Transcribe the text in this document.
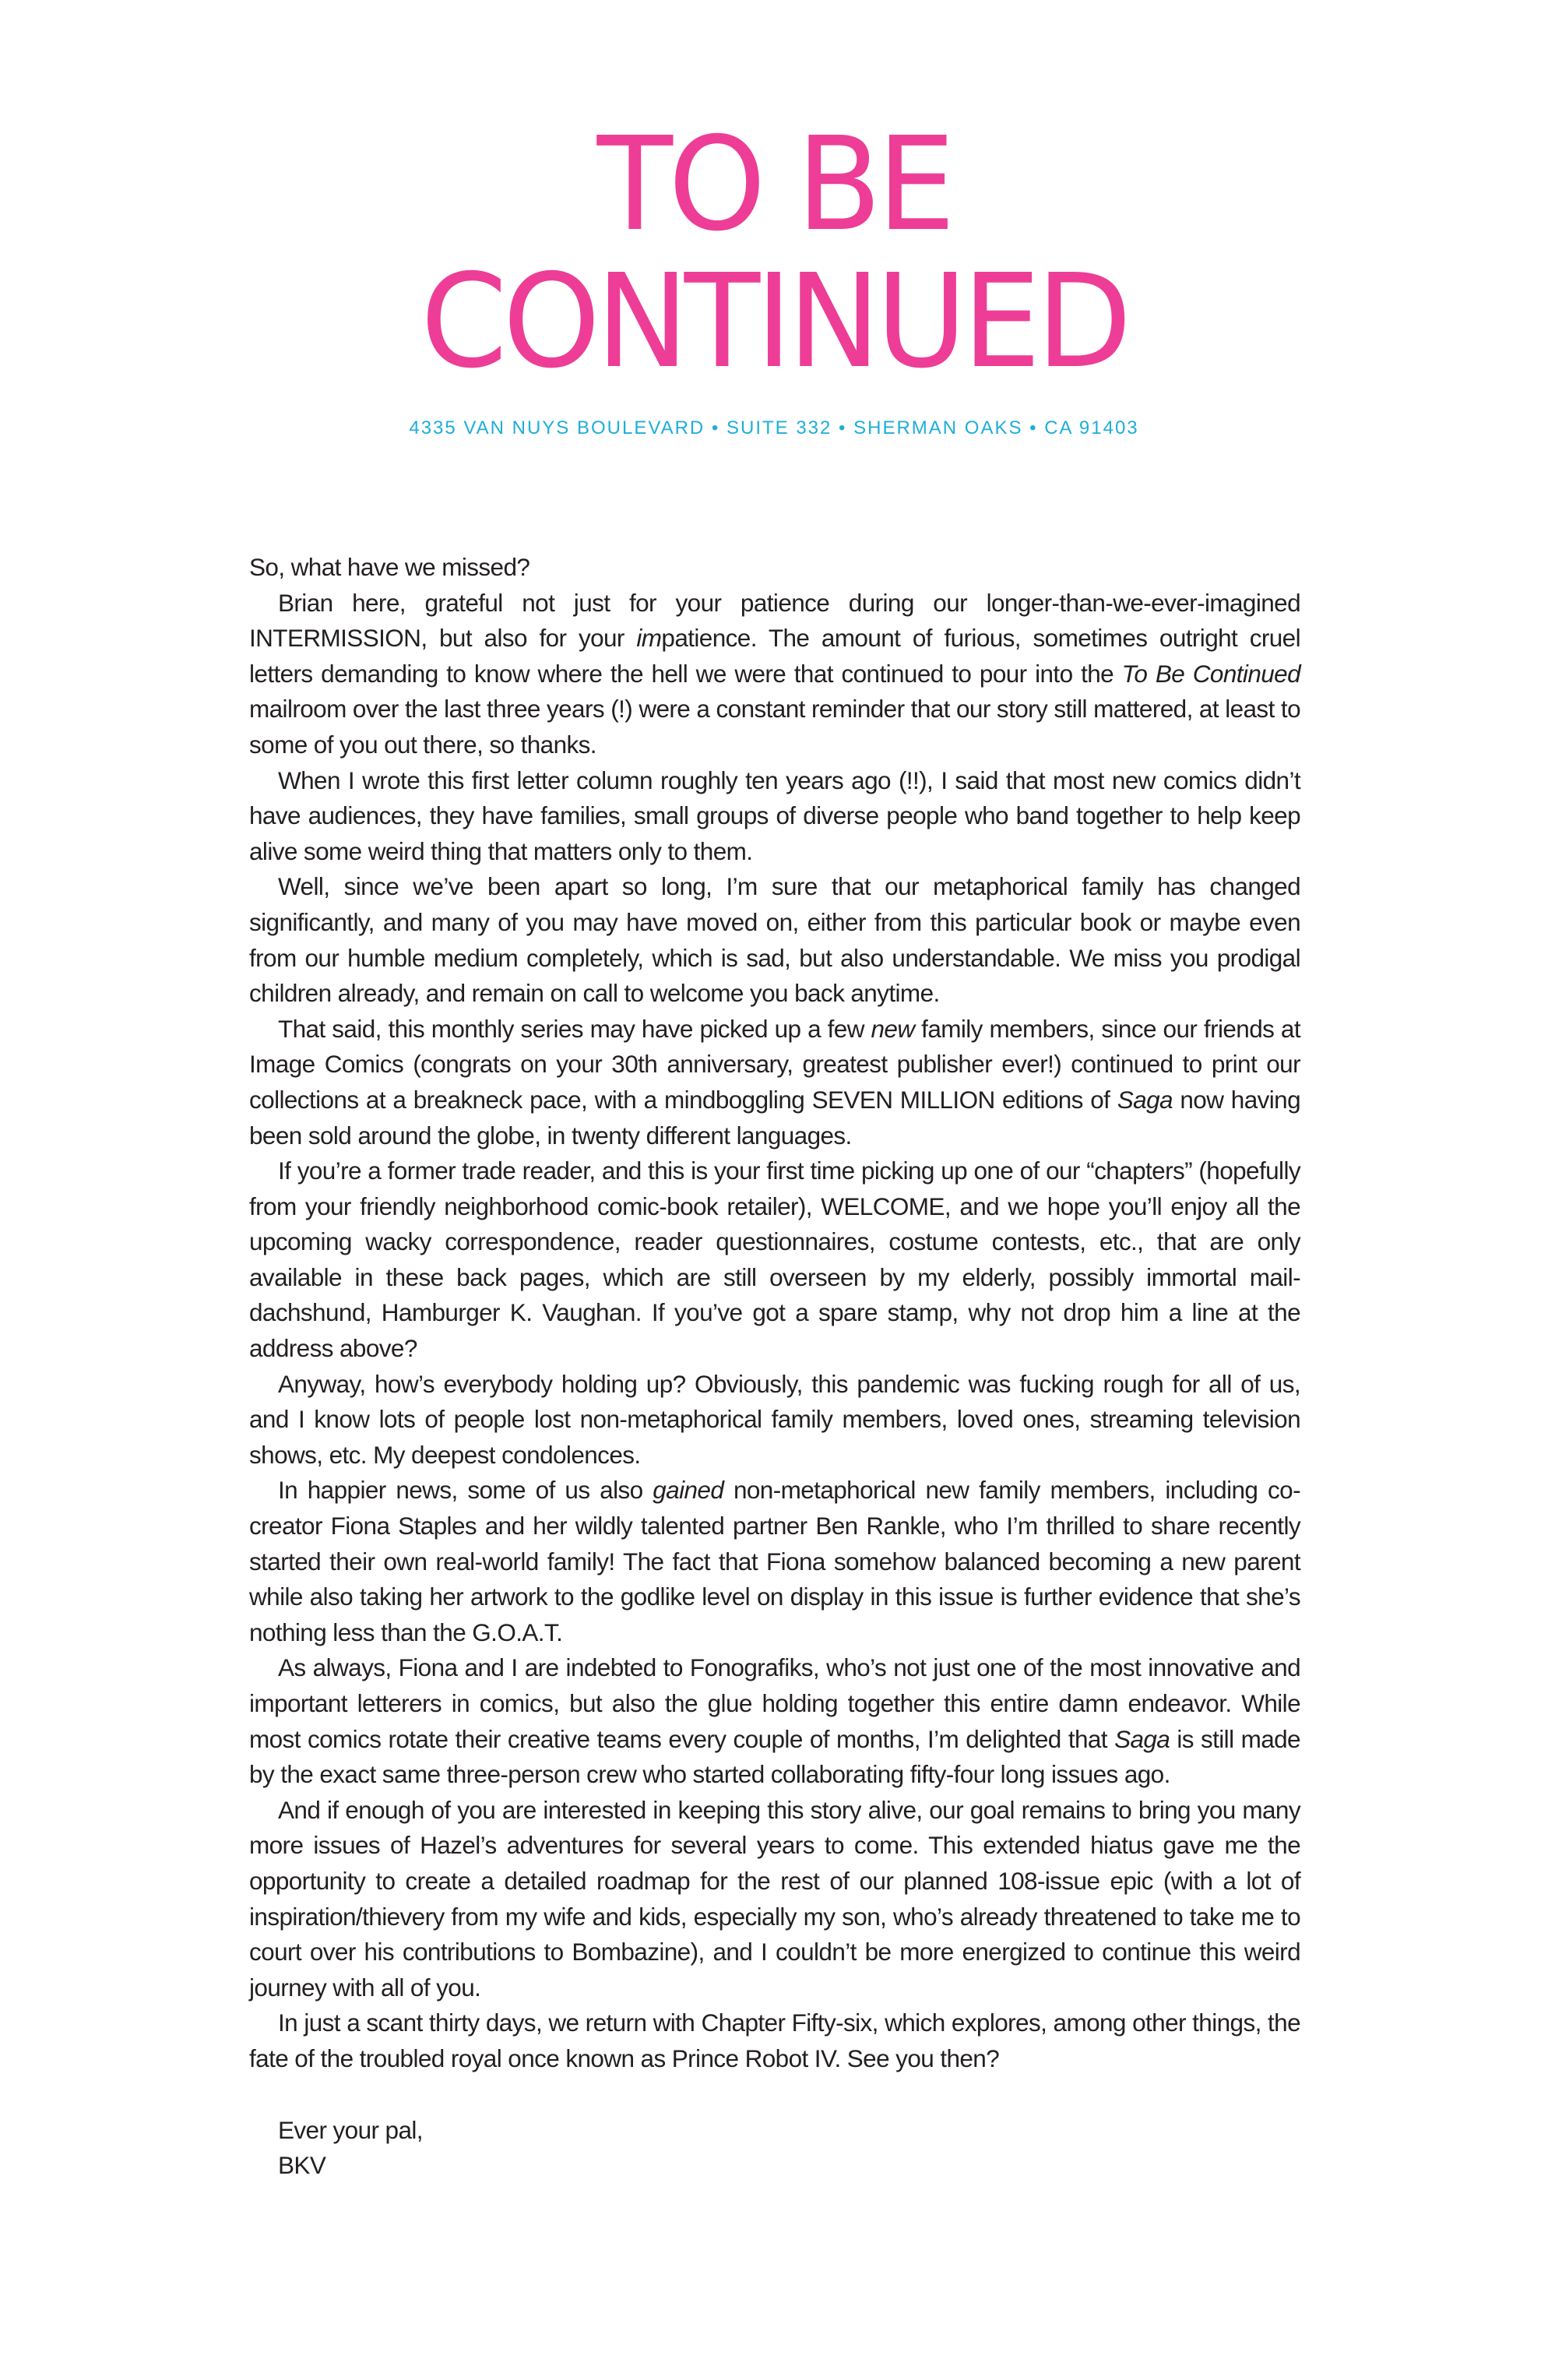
TO BE
CONTINUED
4335 VAN NUYS BOULEVARD • SUITE 332 • SHERMAN OAKS • CA 91403

So, what have we missed?

Brian here, grateful not just for your patience during our longer-than-we-ever-imagined INTERMISSION, but also for your impatience. The amount of furious, sometimes outright cruel letters demanding to know where the hell we were that continued to pour into the To Be Continued mailroom over the last three years (!) were a constant reminder that our story still mattered, at least to some of you out there, so thanks.

When I wrote this first letter column roughly ten years ago (!!), I said that most new comics didn’t have audiences, they have families, small groups of diverse people who band together to help keep alive some weird thing that matters only to them.

Well, since we’ve been apart so long, I’m sure that our metaphorical family has changed significantly, and many of you may have moved on, either from this particular book or maybe even from our humble medium completely, which is sad, but also understandable. We miss you prodigal children already, and remain on call to welcome you back anytime.

That said, this monthly series may have picked up a few new family members, since our friends at Image Comics (congrats on your 30th anniversary, greatest publisher ever!) continued to print our collections at a breakneck pace, with a mindboggling SEVEN MILLION editions of Saga now having been sold around the globe, in twenty different languages.

If you’re a former trade reader, and this is your first time picking up one of our “chapters” (hopefully from your friendly neighborhood comic-book retailer), WELCOME, and we hope you’ll enjoy all the upcoming wacky correspondence, reader questionnaires, costume contests, etc., that are only available in these back pages, which are still overseen by my elderly, possibly immortal mail-dachshund, Hamburger K. Vaughan. If you’ve got a spare stamp, why not drop him a line at the address above?

Anyway, how’s everybody holding up? Obviously, this pandemic was fucking rough for all of us, and I know lots of people lost non-metaphorical family members, loved ones, streaming television shows, etc. My deepest condolences.

In happier news, some of us also gained non-metaphorical new family members, including co-creator Fiona Staples and her wildly talented partner Ben Rankle, who I’m thrilled to share recently started their own real-world family! The fact that Fiona somehow balanced becoming a new parent while also taking her artwork to the godlike level on display in this issue is further evidence that she’s nothing less than the G.O.A.T.

As always, Fiona and I are indebted to Fonografiks, who’s not just one of the most innovative and important letterers in comics, but also the glue holding together this entire damn endeavor. While most comics rotate their creative teams every couple of months, I’m delighted that Saga is still made by the exact same three-person crew who started collaborating fifty-four long issues ago.

And if enough of you are interested in keeping this story alive, our goal remains to bring you many more issues of Hazel’s adventures for several years to come. This extended hiatus gave me the opportunity to create a detailed roadmap for the rest of our planned 108-issue epic (with a lot of inspiration/thievery from my wife and kids, especially my son, who’s already threatened to take me to court over his contributions to Bombazine), and I couldn’t be more energized to continue this weird journey with all of you.

In just a scant thirty days, we return with Chapter Fifty-six, which explores, among other things, the fate of the troubled royal once known as Prince Robot IV. See you then?

Ever your pal,
BKV
